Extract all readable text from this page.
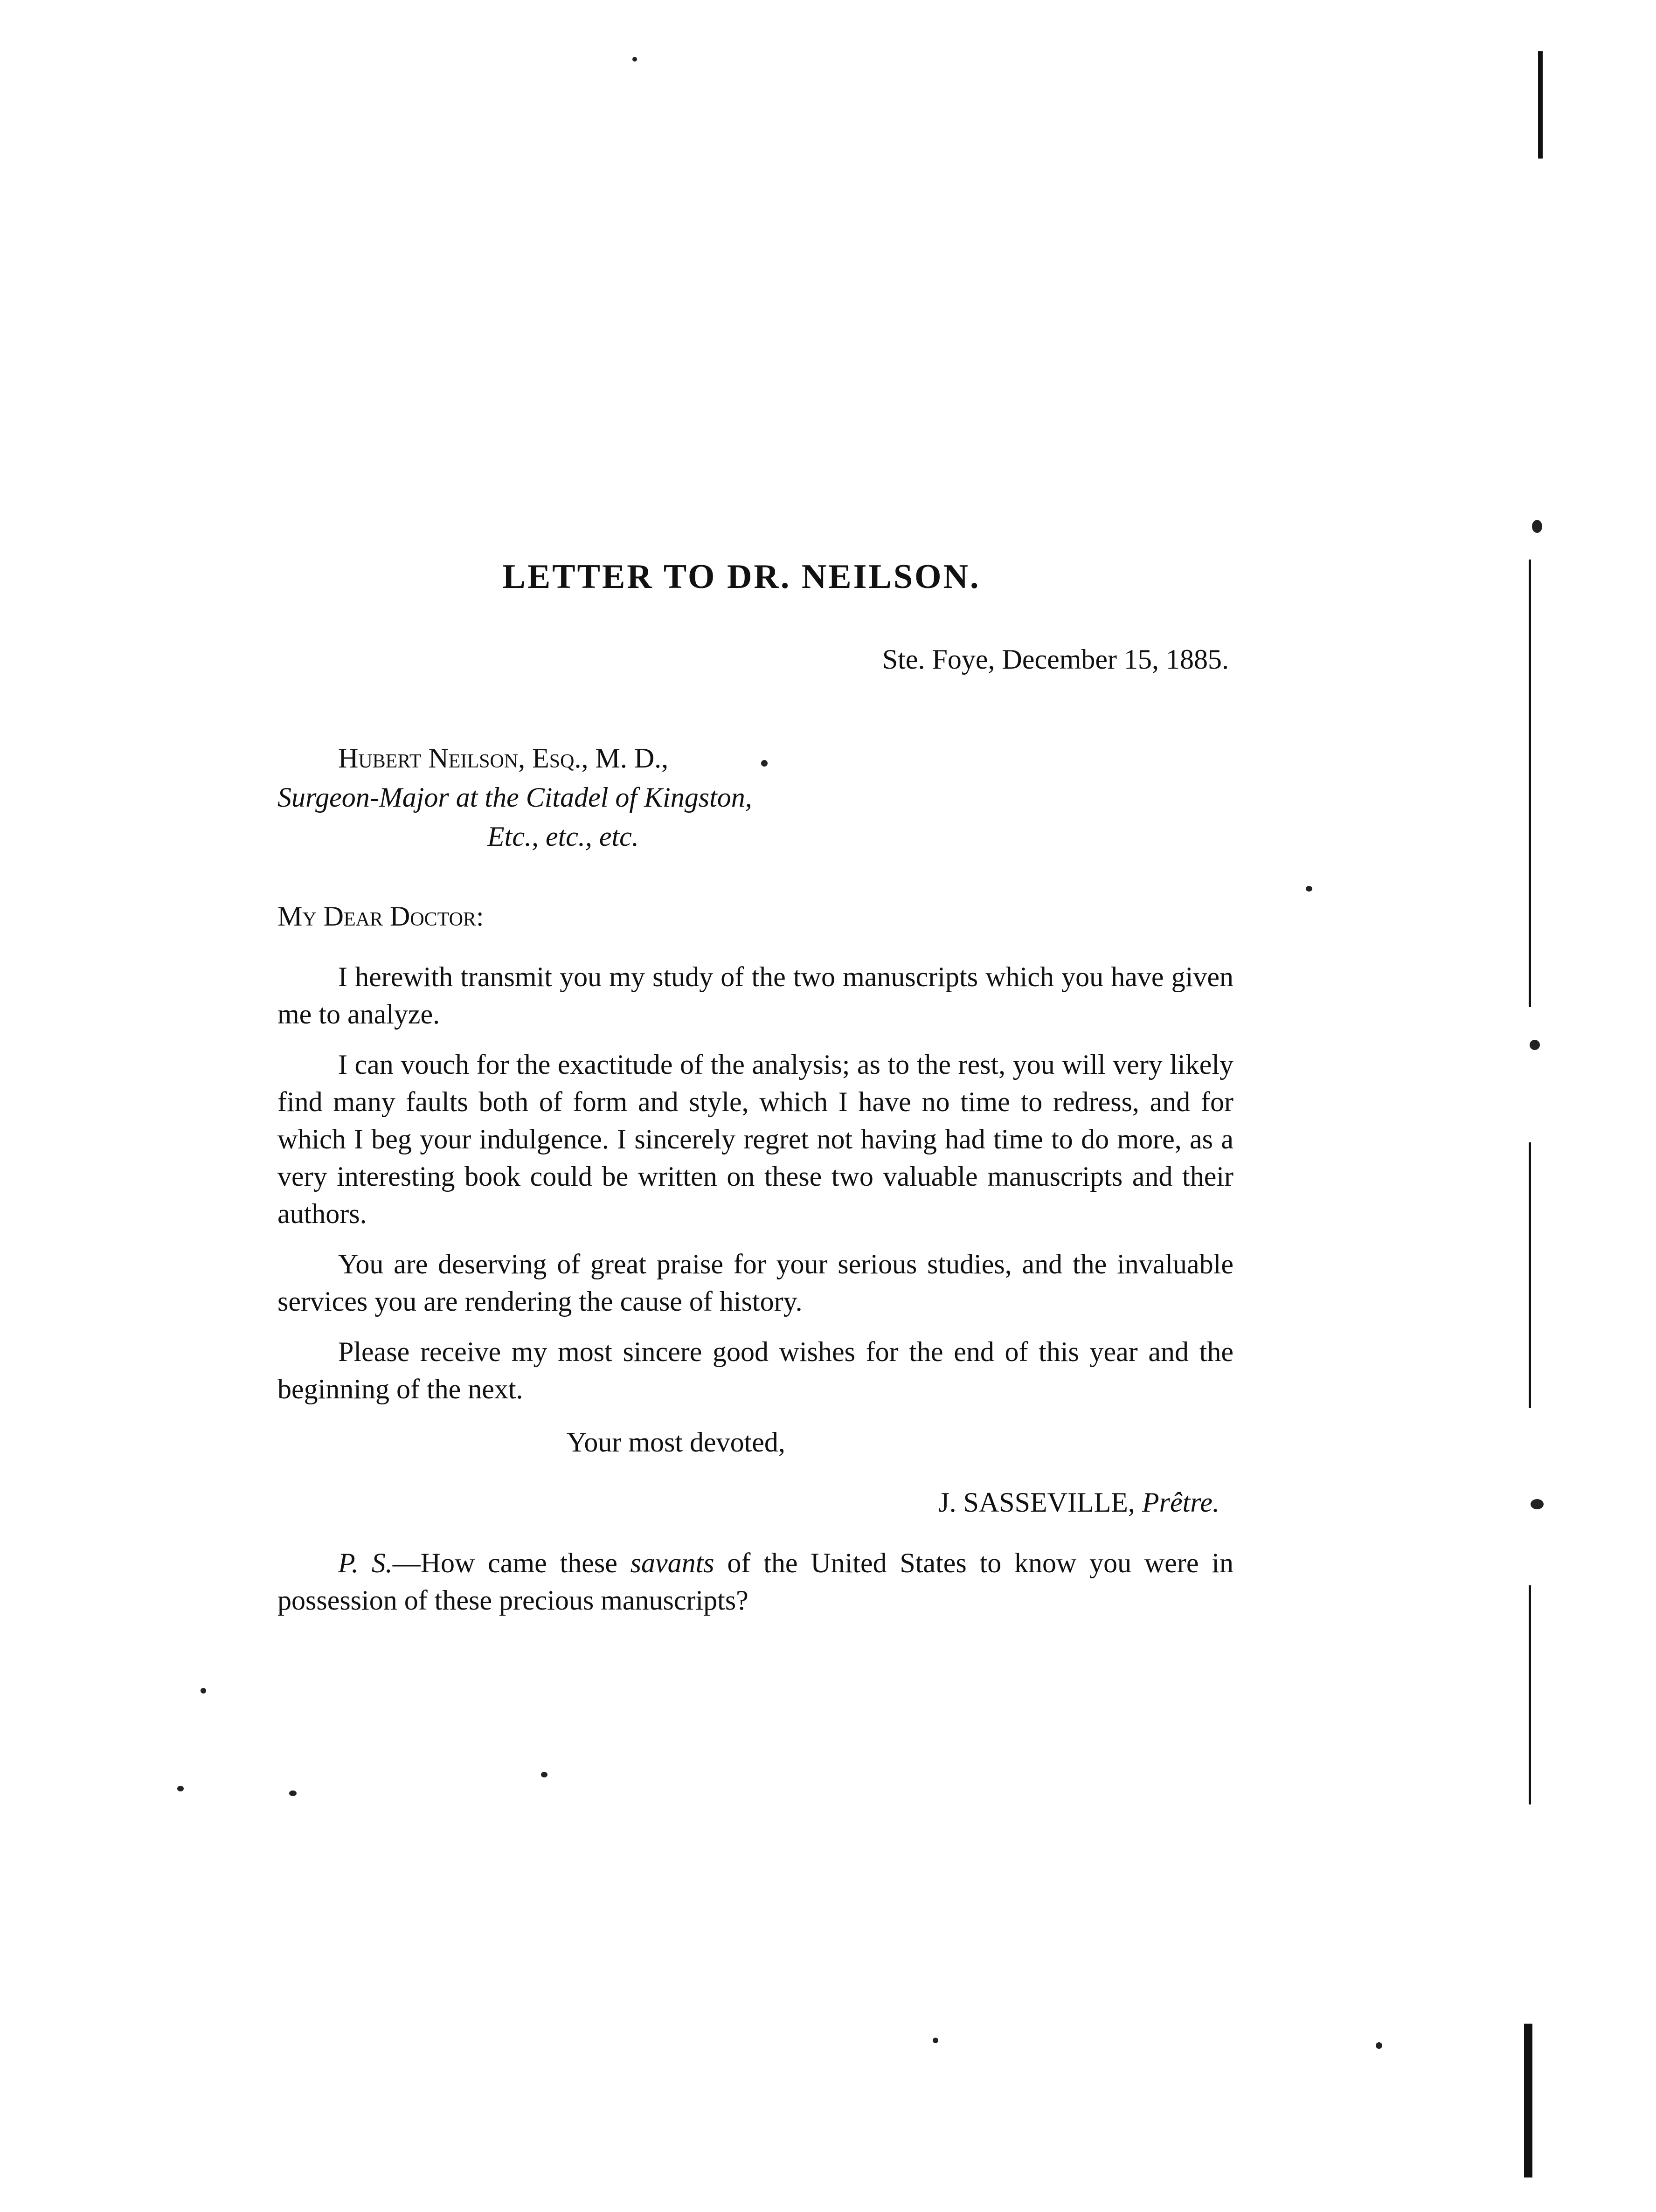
LETTER TO DR. NEILSON.
Ste. Foye, December 15, 1885.
Hubert Neilson, Esq., M. D.,
Surgeon-Major at the Citadel of Kingston,
Etc., etc., etc.
My Dear Doctor:

I herewith transmit you my study of the two manuscripts which you have given me to analyze.

I can vouch for the exactitude of the analysis; as to the rest, you will very likely find many faults both of form and style, which I have no time to redress, and for which I beg your indulgence. I sincerely regret not having had time to do more, as a very interesting book could be written on these two valuable manuscripts and their authors.

You are deserving of great praise for your serious studies, and the invaluable services you are rendering the cause of history.

Please receive my most sincere good wishes for the end of this year and the beginning of the next.

Your most devoted,
J. SASSEVILLE, Prêtre.

P. S.—How came these savants of the United States to know you were in possession of these precious manuscripts?
